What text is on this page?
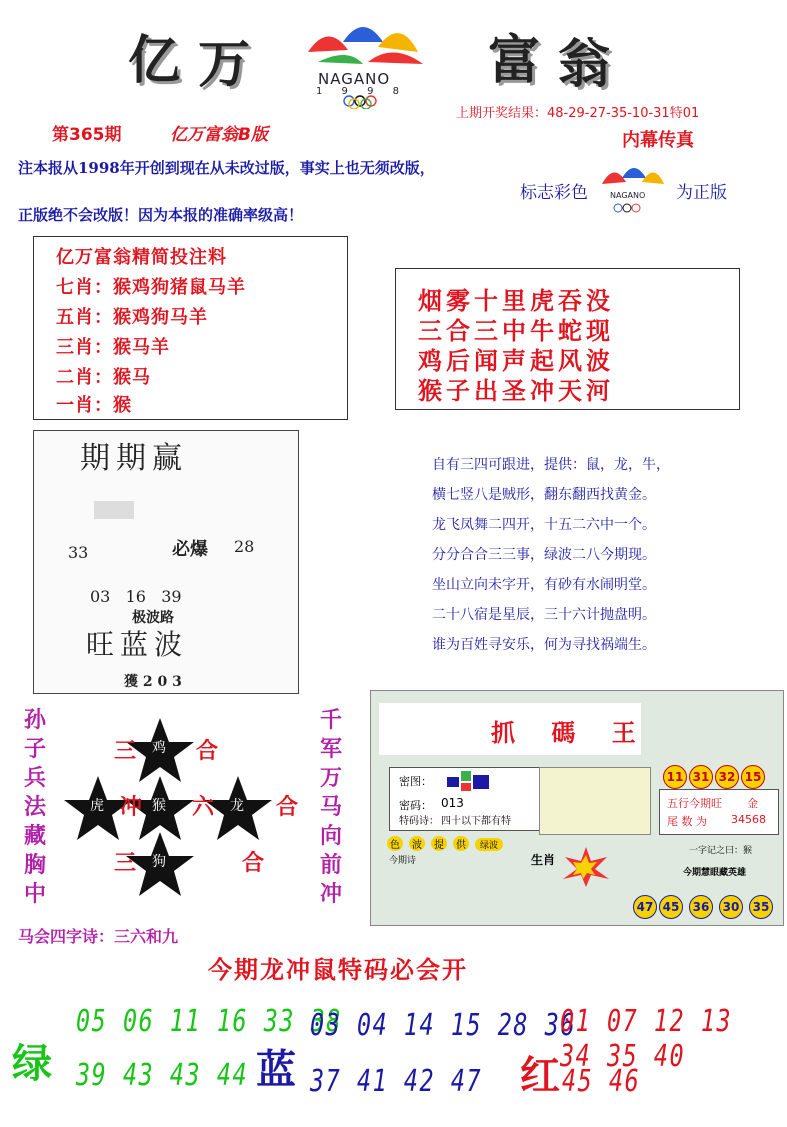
亿 万	富 翁
NAGANO
1 9 9 8
上期开奖结果：48-29-27-35-10-31特01
第365期	亿万富翁B版	内幕传真
注本报从1998年开创到现在从未改过版，事实上也无须改版，
正版绝不会改版！因为本报的准确率级高！
标志彩色	NAGANO 为正版
亿万富翁精简投注料
七肖：猴鸡狗猪鼠马羊
五肖：猴鸡狗马羊
三肖：猴马羊
二肖：猴马
一肖：猴
烟雾十里虎吞没
三合三中牛蛇现
鸡后闻声起风波
猴子出圣冲天河
期期赢
33	必爆 28
03   16   39
极波路
旺蓝波
獲 2 0 3
自有三四可跟进，提供：鼠，龙，牛，
横七竖八是贼形，翻东翻西找黄金。
龙飞凤舞二四开，十五二六中一个。
分分合合三三事，绿波二八今期现。
坐山立向未字开，有砂有水闹明堂。
二十八宿是星辰，三十六计抛盘明。
谁为百姓寻安乐，何为寻找祸端生。
孙子兵法藏胸中
千军万马向前冲
鸡
虎	猴	龙
狗
三	合
冲 六	合
三	合
马会四字诗：三六和九
抓 碼 王
密图：
密码： 013
特码诗： 四十以下都有特
色 波 提 供 绿波
今期诗	生肖
11 31 32 15
五行今期旺 金
尾 数 为 34568
一字记之曰：猴
今期慧眼藏英雄
47 45	36	30	35
今期龙冲鼠特码必会开
绿
05 06 11 16 33 38
39 43 43 44 蓝
03 04 14 15 28 36
37 41 42 47 红
01 07 12 13 34 35 40
45 46
